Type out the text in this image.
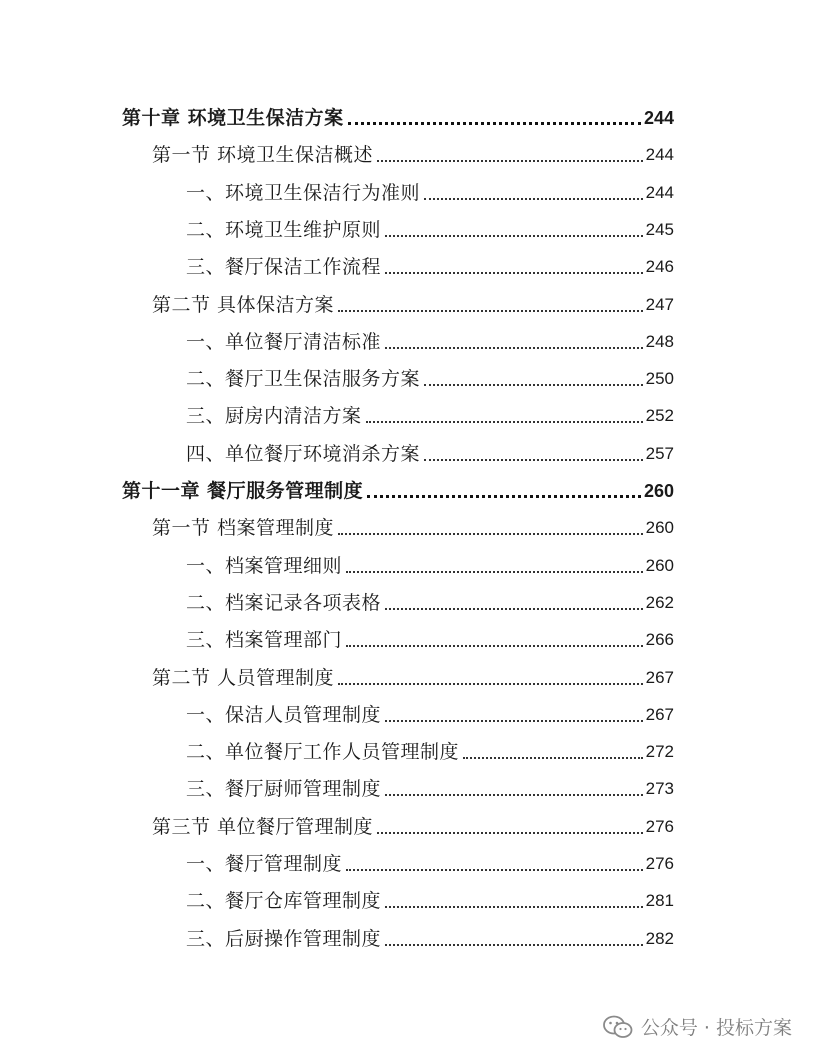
第十章 环境卫生保洁方案	244
第一节 环境卫生保洁概述	244
一、环境卫生保洁行为准则	244
二、环境卫生维护原则	245
三、餐厅保洁工作流程	246
第二节 具体保洁方案	247
一、单位餐厅清洁标准	248
二、餐厅卫生保洁服务方案	250
三、厨房内清洁方案	252
四、单位餐厅环境消杀方案	257
第十一章 餐厅服务管理制度	260
第一节 档案管理制度	260
一、档案管理细则	260
二、档案记录各项表格	262
三、档案管理部门	266
第二节 人员管理制度	267
一、保洁人员管理制度	267
二、单位餐厅工作人员管理制度	272
三、餐厅厨师管理制度	273
第三节 单位餐厅管理制度	276
一、餐厅管理制度	276
二、餐厅仓库管理制度	281
三、后厨操作管理制度	282
公众号 · 投标方案
